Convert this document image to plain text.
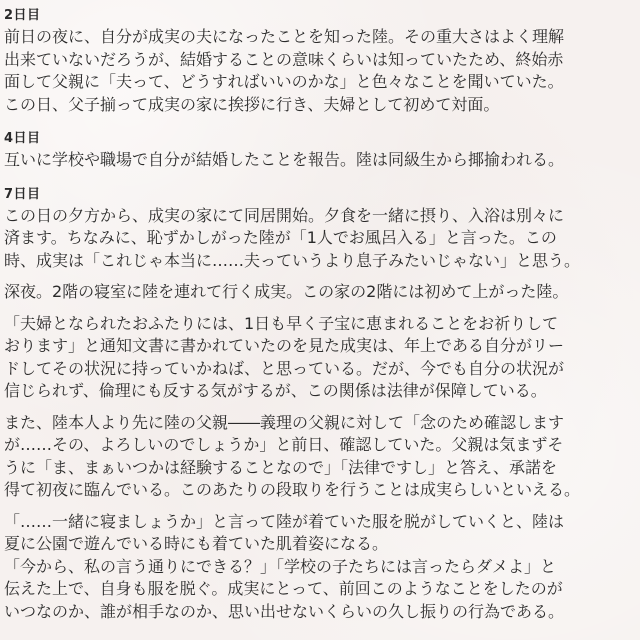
2日目

前日の夜に、自分が成実の夫になったことを知った陸。その重大さはよく理解
出来ていないだろうが、結婚することの意味くらいは知っていたため、終始赤
面して父親に「夫って、どうすればいいのかな」と色々なことを聞いていた。
この日、父子揃って成実の家に挨拶に行き、夫婦として初めて対面。

4日目

互いに学校や職場で自分が結婚したことを報告。陸は同級生から揶揄われる。

7日目

この日の夕方から、成実の家にて同居開始。夕食を一緒に摂り、入浴は別々に
済ます。ちなみに、恥ずかしがった陸が「1人でお風呂入る」と言った。この
時、成実は「これじゃ本当に……夫っていうより息子みたいじゃない」と思う。

深夜。2階の寝室に陸を連れて行く成実。この家の2階には初めて上がった陸。

「夫婦となられたおふたりには、1日も早く子宝に恵まれることをお祈りして
おります」と通知文書に書かれていたのを見た成実は、年上である自分がリー
ドしてその状況に持っていかねば、と思っている。だが、今でも自分の状況が
信じられず、倫理にも反する気がするが、この関係は法律が保障している。

また、陸本人より先に陸の父親――義理の父親に対して「念のため確認します
が……その、よろしいのでしょうか」と前日、確認していた。父親は気まずそ
うに「ま、まぁいつかは経験することなので」「法律ですし」と答え、承諾を
得て初夜に臨んでいる。このあたりの段取りを行うことは成実らしいといえる。

「……一緒に寝ましょうか」と言って陸が着ていた服を脱がしていくと、陸は
夏に公園で遊んでいる時にも着ていた肌着姿になる。
「今から、私の言う通りにできる？」「学校の子たちには言ったらダメよ」と
伝えた上で、自身も服を脱ぐ。成実にとって、前回このようなことをしたのが
いつなのか、誰が相手なのか、思い出せないくらいの久し振りの行為である。
